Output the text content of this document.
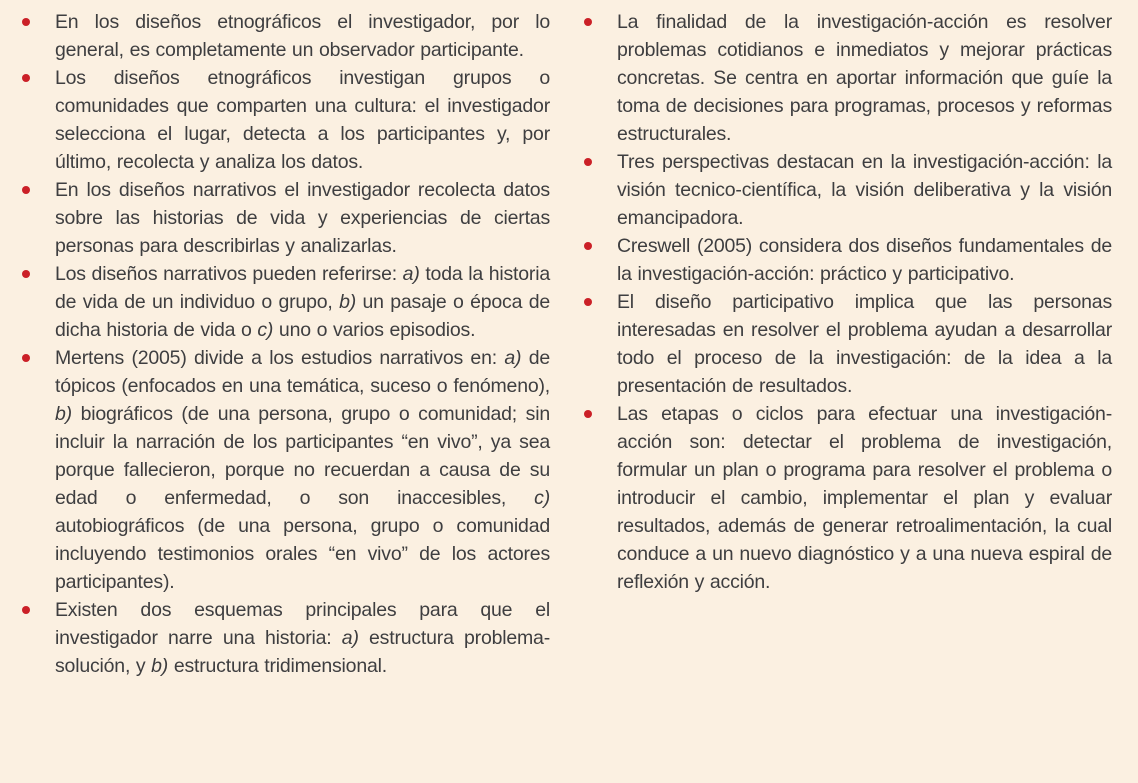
En los diseños etnográficos el investigador, por lo general, es completamente un observador participante.
Los diseños etnográficos investigan grupos o comunidades que comparten una cultura: el investigador selecciona el lugar, detecta a los participantes y, por último, recolecta y analiza los datos.
En los diseños narrativos el investigador recolecta datos sobre las historias de vida y experiencias de ciertas personas para describirlas y analizarlas.
Los diseños narrativos pueden referirse: a) toda la historia de vida de un individuo o grupo, b) un pasaje o época de dicha historia de vida o c) uno o varios episodios.
Mertens (2005) divide a los estudios narrativos en: a) de tópicos (enfocados en una temática, suceso o fenómeno), b) biográficos (de una persona, grupo o comunidad; sin incluir la narración de los participantes “en vivo”, ya sea porque fallecieron, porque no recuerdan a causa de su edad o enfermedad, o son inaccesibles, c) autobiográficos (de una persona, grupo o comunidad incluyendo testimonios orales “en vivo” de los actores participantes).
Existen dos esquemas principales para que el investigador narre una historia: a) estructura problema-solución, y b) estructura tridimensional.
La finalidad de la investigación-acción es resolver problemas cotidianos e inmediatos y mejorar prácticas concretas. Se centra en aportar información que guíe la toma de decisiones para programas, procesos y reformas estructurales.
Tres perspectivas destacan en la investigación-acción: la visión tecnico-científica, la visión deliberativa y la visión emancipadora.
Creswell (2005) considera dos diseños fundamentales de la investigación-acción: práctico y participativo.
El diseño participativo implica que las personas interesadas en resolver el problema ayudan a desarrollar todo el proceso de la investigación: de la idea a la presentación de resultados.
Las etapas o ciclos para efectuar una investigación-acción son: detectar el problema de investigación, formular un plan o programa para resolver el problema o introducir el cambio, implementar el plan y evaluar resultados, además de generar retroalimentación, la cual conduce a un nuevo diagnóstico y a una nueva espiral de reflexión y acción.
